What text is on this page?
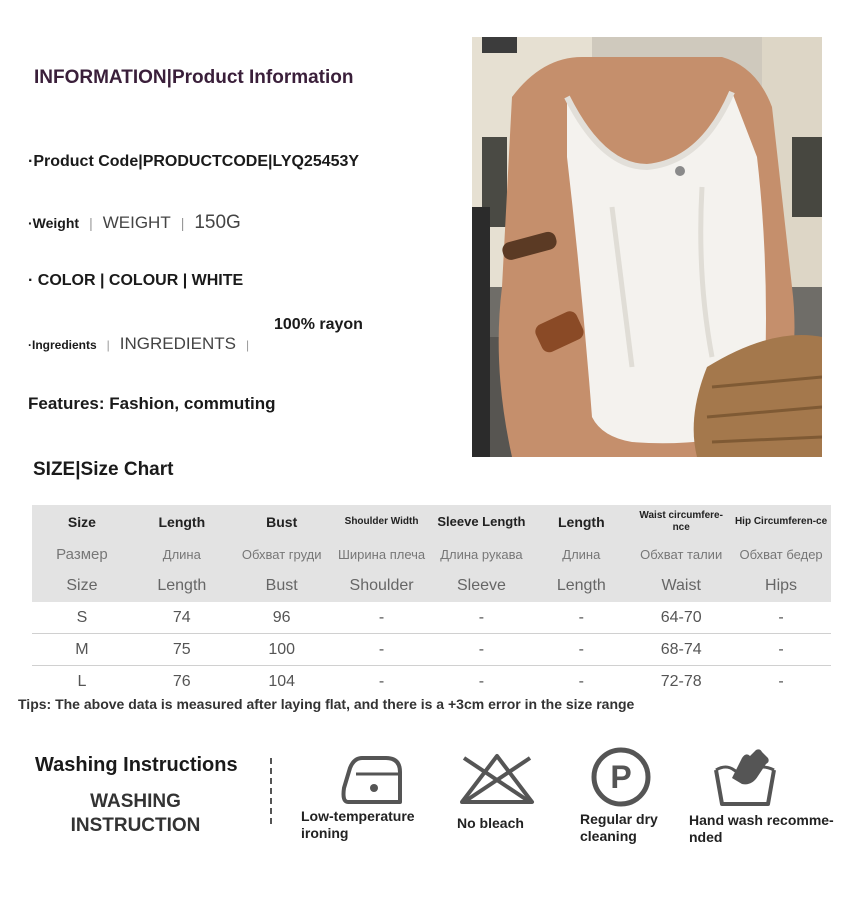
INFORMATION|Product Information
·Product Code|PRODUCTCODE|LYQ25453Y
·Weight | WEIGHT | 150G
· COLOR | COLOUR | WHITE
·Ingredients | INGREDIENTS |
100% rayon
Features: Fashion, commuting
SIZE|Size Chart
Size	Length	Bust	Shoulder Width	Sleeve Length	Length	Waist circumfere-nce	Hip Circumferen-ce
Размер	Длина	Обхват груди	Ширина плеча	Длина рукава	Длина	Обхват талии	Обхват бедер
Size	Length	Bust	Shoulder	Sleeve	Length	Waist	Hips
S	74	96	-	-	-	64-70	-
M	75	100	-	-	-	68-74	-
L	76	104	-	-	-	72-78	-
Tips: The above data is measured after laying flat, and there is a +3cm error in the size range
Washing Instructions
WASHING
INSTRUCTION	Low-temperature
ironing
No bleach
P
Regular dry
cleaning
Hand wash recomme-
nded
